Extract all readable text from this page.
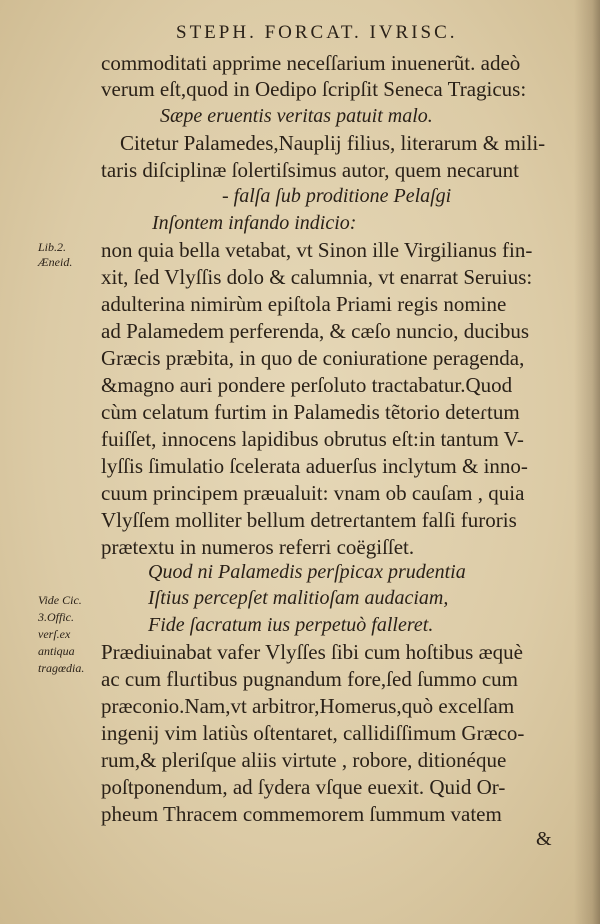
STEPH. FORCAT. IVRISC.
commoditati apprime neceſſarium inuenerũt. adeò
verum eſt,quod in Oedipo ſcripſit Seneca Tragicus:
Sæpe eruentis veritas patuit malo.
Citetur Palamedes,Nauplij filius, literarum & mili-
taris diſciplinæ ſolertiſsimus autor, quem necarunt
- falſa ſub proditione Pelaſgi
Inſontem infando indicio:
non quia bella vetabat, vt Sinon ille Virgilianus fin-
xit, ſed Vlyſſis dolo & calumnia, vt enarrat Seruius:
adulterina nimirùm epiſtola Priami regis nomine
ad Palamedem perferenda, & cæſo nuncio, ducibus
Græcis præbita, in quo de coniuratione peragenda,
&magno auri pondere perſoluto tractabatur.Quod
cùm celatum furtim in Palamedis tẽtorio deteɾtum
fuiſſet, innocens lapidibus obrutus eſt:in tantum V-
lyſſis ſimulatio ſcelerata aduerſus inclytum & inno-
cuum principem præualuit: vnam ob cauſam , quia
Vlyſſem molliter bellum detreɾtantem falſi furoris
prætextu in numeros referri coëgiſſet.
Quod ni Palamedis perſpicax prudentia
Iſtius percepſet malitioſam audaciam,
Fide ſacratum ius perpetuò falleret.
Prædiuinabat vafer Vlyſſes ſibi cum hoſtibus æquè
ac cum fluɾtibus pugnandum fore,ſed ſummo cum
præconio.Nam,vt arbitror,Homerus,quò excelſam
ingenij vim latiùs oſtentaret, callidiſſimum Græco-
rum,& pleriſque aliis virtute , robore, ditionéque
poſtponendum, ad ſydera vſque euexit. Quid Or-
pheum Thracem commemorem ſummum vatem
Lib.2.
Æneid.
Vide Cic.
3.Offic.
verſ.ex
antiqua
tragœdia.
&
